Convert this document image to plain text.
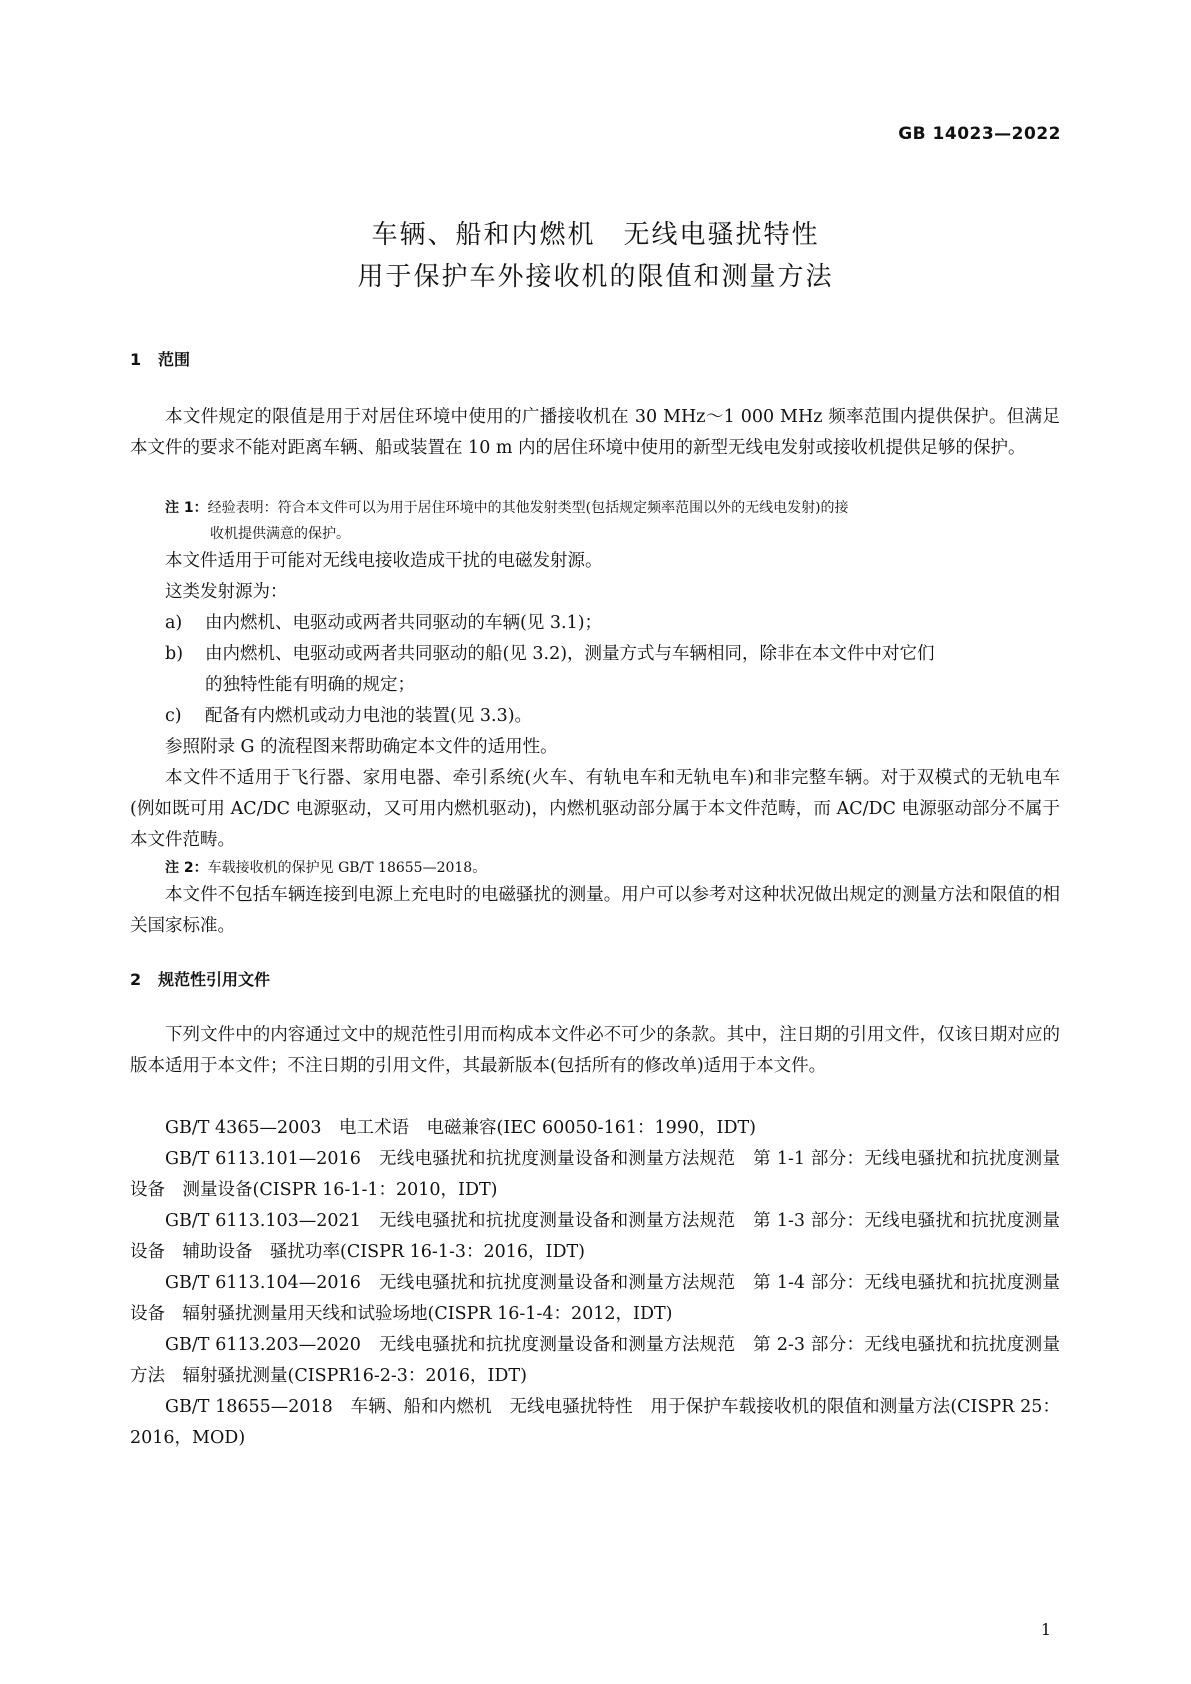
GB 14023—2022
车辆、船和内燃机　无线电骚扰特性
用于保护车外接收机的限值和测量方法
1 范围
本文件规定的限值是用于对居住环境中使用的广播接收机在 30 MHz～1 000 MHz 频率范围内提供保护。但满足本文件的要求不能对距离车辆、船或装置在 10 m 内的居住环境中使用的新型无线电发射或接收机提供足够的保护。
注 1：经验表明：符合本文件可以为用于居住环境中的其他发射类型(包括规定频率范围以外的无线电发射)的接
收机提供满意的保护。
本文件适用于可能对无线电接收造成干扰的电磁发射源。
这类发射源为：
a) 由内燃机、电驱动或两者共同驱动的车辆(见 3.1)；
b) 由内燃机、电驱动或两者共同驱动的船(见 3.2)，测量方式与车辆相同，除非在本文件中对它们
的独特性能有明确的规定；
c) 配备有内燃机或动力电池的装置(见 3.3)。
参照附录 G 的流程图来帮助确定本文件的适用性。
本文件不适用于飞行器、家用电器、牵引系统(火车、有轨电车和无轨电车)和非完整车辆。对于双模式的无轨电车(例如既可用 AC/DC 电源驱动，又可用内燃机驱动)，内燃机驱动部分属于本文件范畴，而 AC/DC 电源驱动部分不属于本文件范畴。
注 2：车载接收机的保护见 GB/T 18655—2018。
本文件不包括车辆连接到电源上充电时的电磁骚扰的测量。用户可以参考对这种状况做出规定的测量方法和限值的相关国家标准。
2 规范性引用文件
下列文件中的内容通过文中的规范性引用而构成本文件必不可少的条款。其中，注日期的引用文件，仅该日期对应的版本适用于本文件；不注日期的引用文件，其最新版本(包括所有的修改单)适用于本文件。
GB/T 4365—2003　电工术语　电磁兼容(IEC 60050-161：1990，IDT)
GB/T 6113.101—2016　无线电骚扰和抗扰度测量设备和测量方法规范　第 1-1 部分：无线电骚扰和抗扰度测量设备　测量设备(CISPR 16-1-1：2010，IDT)
GB/T 6113.103—2021　无线电骚扰和抗扰度测量设备和测量方法规范　第 1-3 部分：无线电骚扰和抗扰度测量设备　辅助设备　骚扰功率(CISPR 16-1-3：2016，IDT)
GB/T 6113.104—2016　无线电骚扰和抗扰度测量设备和测量方法规范　第 1-4 部分：无线电骚扰和抗扰度测量设备　辐射骚扰测量用天线和试验场地(CISPR 16-1-4：2012，IDT)
GB/T 6113.203—2020　无线电骚扰和抗扰度测量设备和测量方法规范　第 2-3 部分：无线电骚扰和抗扰度测量方法　辐射骚扰测量(CISPR16-2-3：2016，IDT)
GB/T 18655—2018　车辆、船和内燃机　无线电骚扰特性　用于保护车载接收机的限值和测量方法(CISPR 25：2016，MOD)
1
